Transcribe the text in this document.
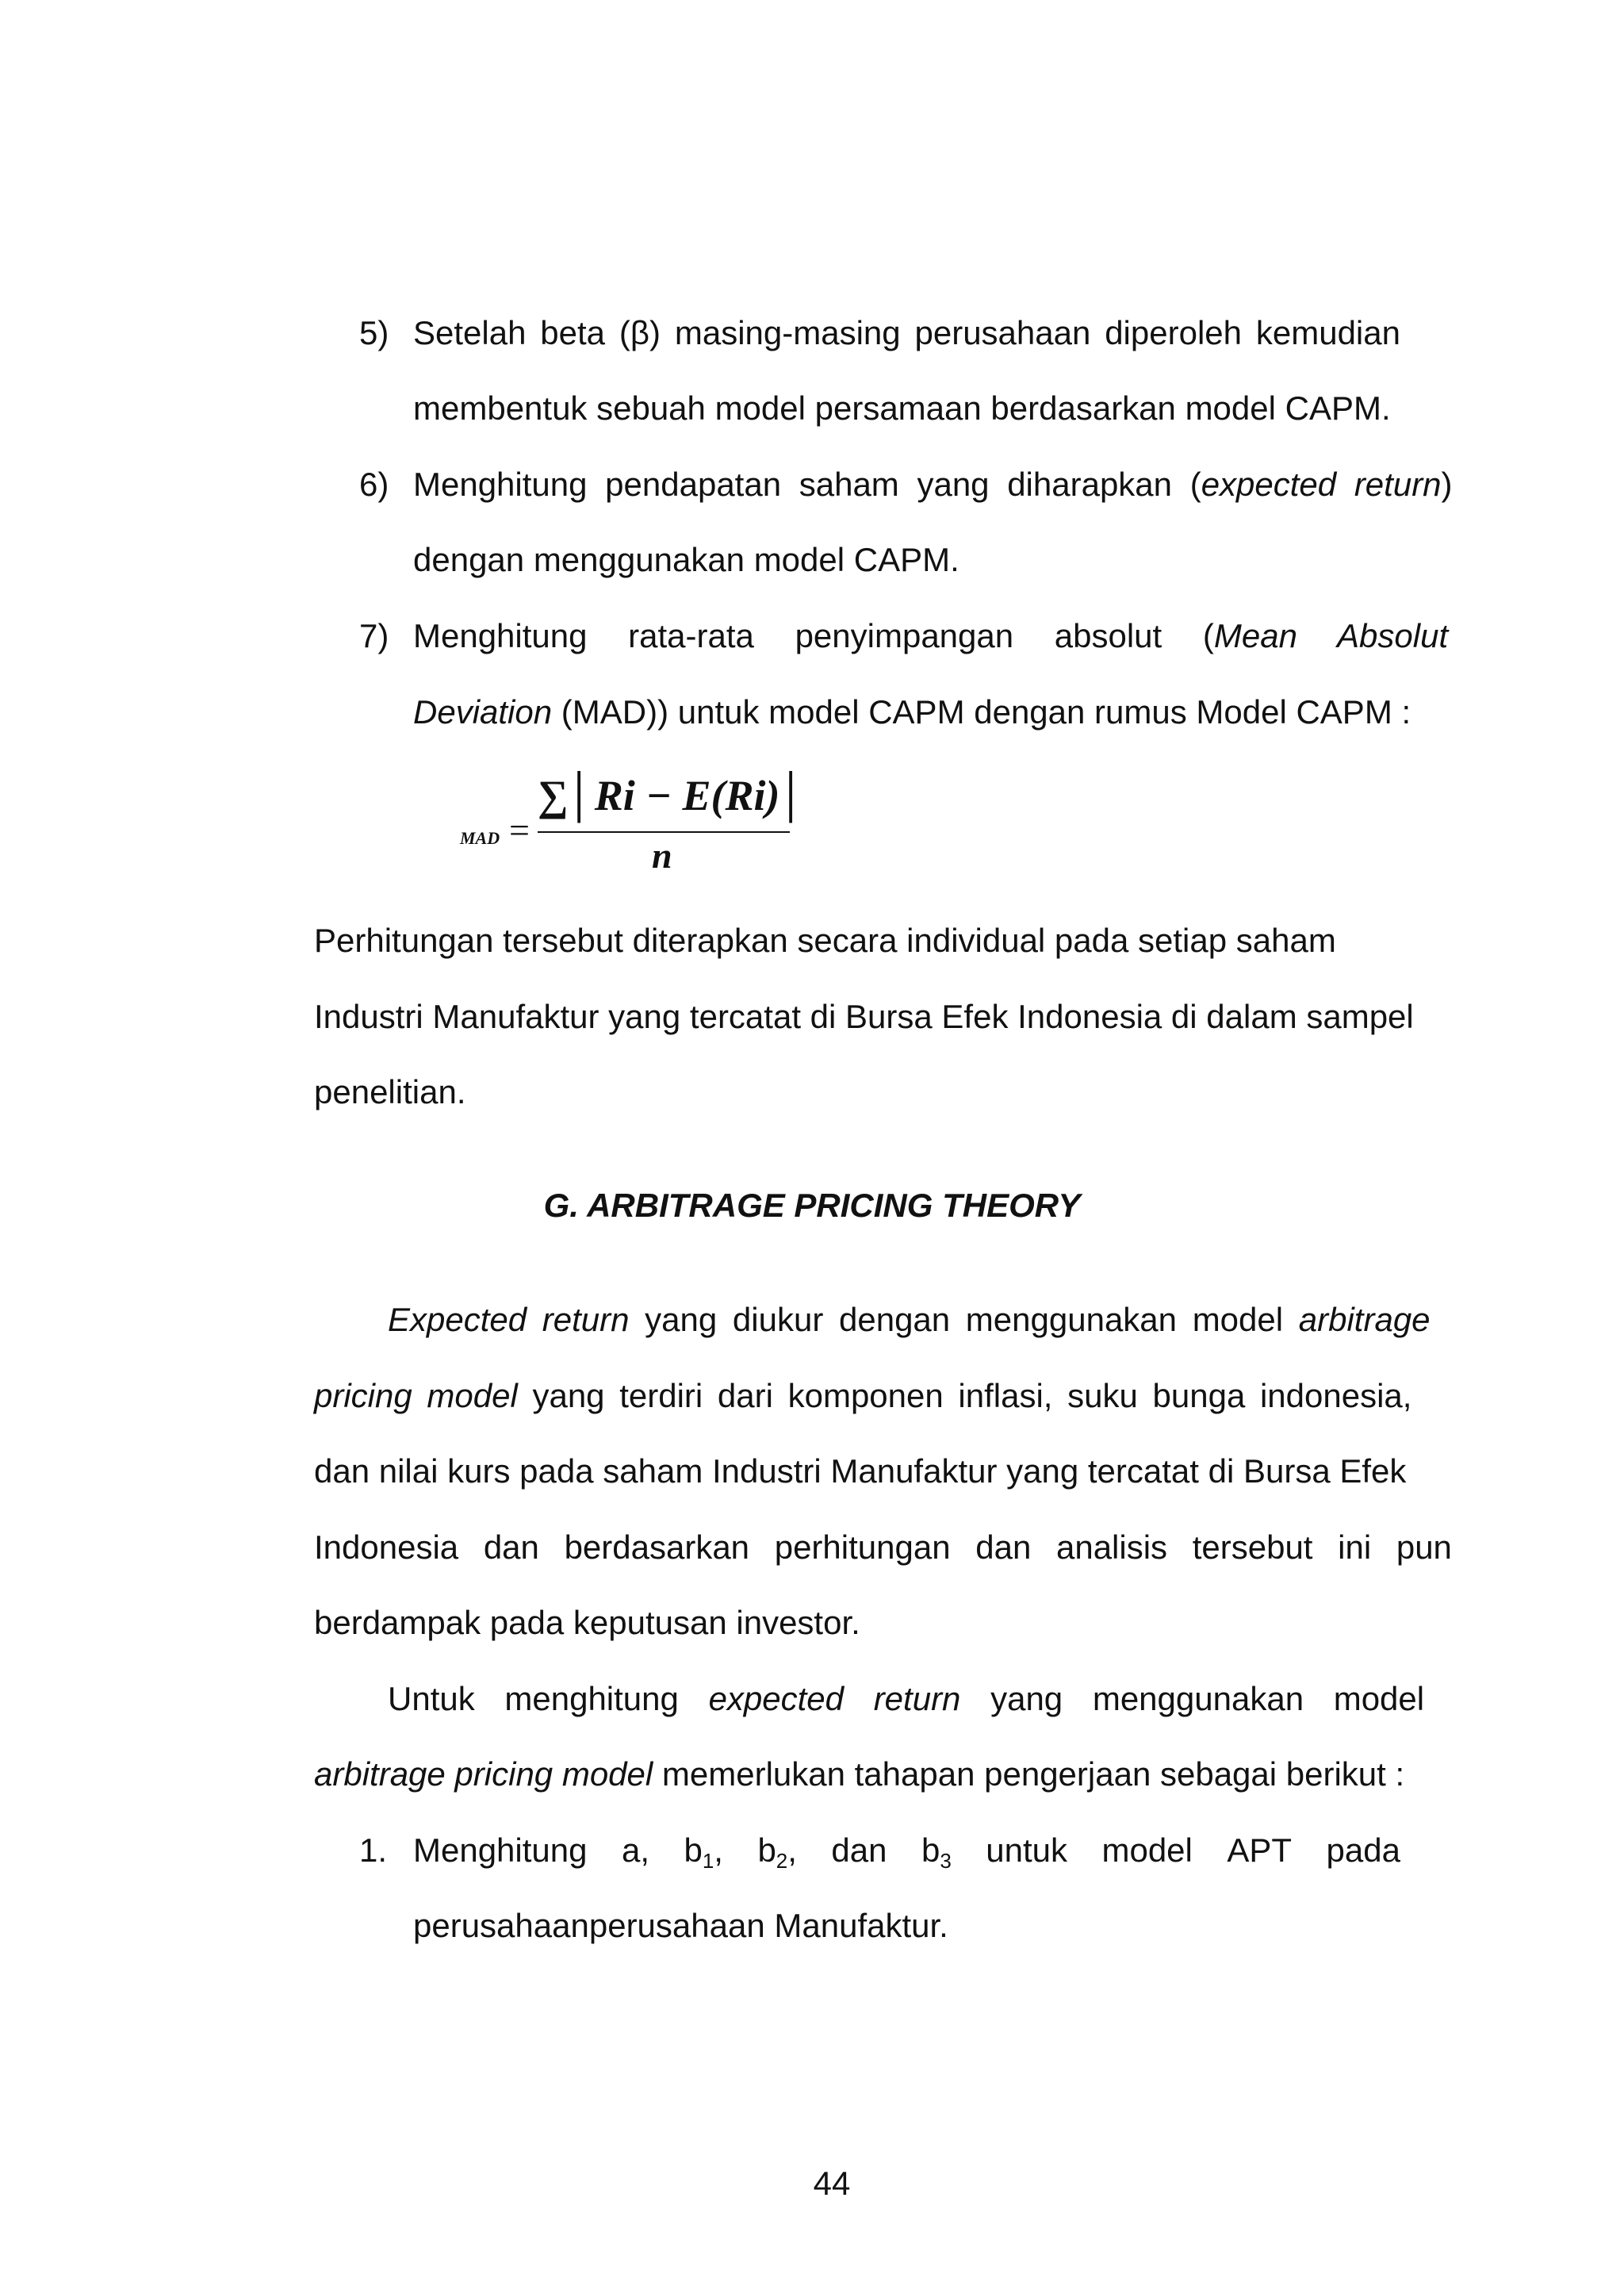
5) Setelah beta (β) masing-masing perusahaan diperoleh kemudian
membentuk sebuah model persamaan berdasarkan model CAPM.
6) Menghitung pendapatan saham yang diharapkan (expected return)
dengan menggunakan model CAPM.
7) Menghitung rata-rata penyimpangan absolut (Mean Absolut
Deviation (MAD)) untuk model CAPM dengan rumus Model CAPM :
MAD =
∑│Ri − E(Ri)│
n
Perhitungan tersebut diterapkan secara individual pada setiap saham
Industri Manufaktur yang tercatat di Bursa Efek Indonesia di dalam sampel
penelitian.
G. ARBITRAGE PRICING THEORY
Expected return yang diukur dengan menggunakan model arbitrage
pricing model yang terdiri dari komponen inflasi, suku bunga indonesia,
dan nilai kurs pada saham Industri Manufaktur yang tercatat di Bursa Efek
Indonesia dan berdasarkan perhitungan dan analisis tersebut ini pun
berdampak pada keputusan investor.
Untuk menghitung expected return yang menggunakan model
arbitrage pricing model memerlukan tahapan pengerjaan sebagai berikut :
1. Menghitung a, $b_1$, $b_2$, dan $b_3$ untuk model APT pada
perusahaanperusahaan Manufaktur.
44
